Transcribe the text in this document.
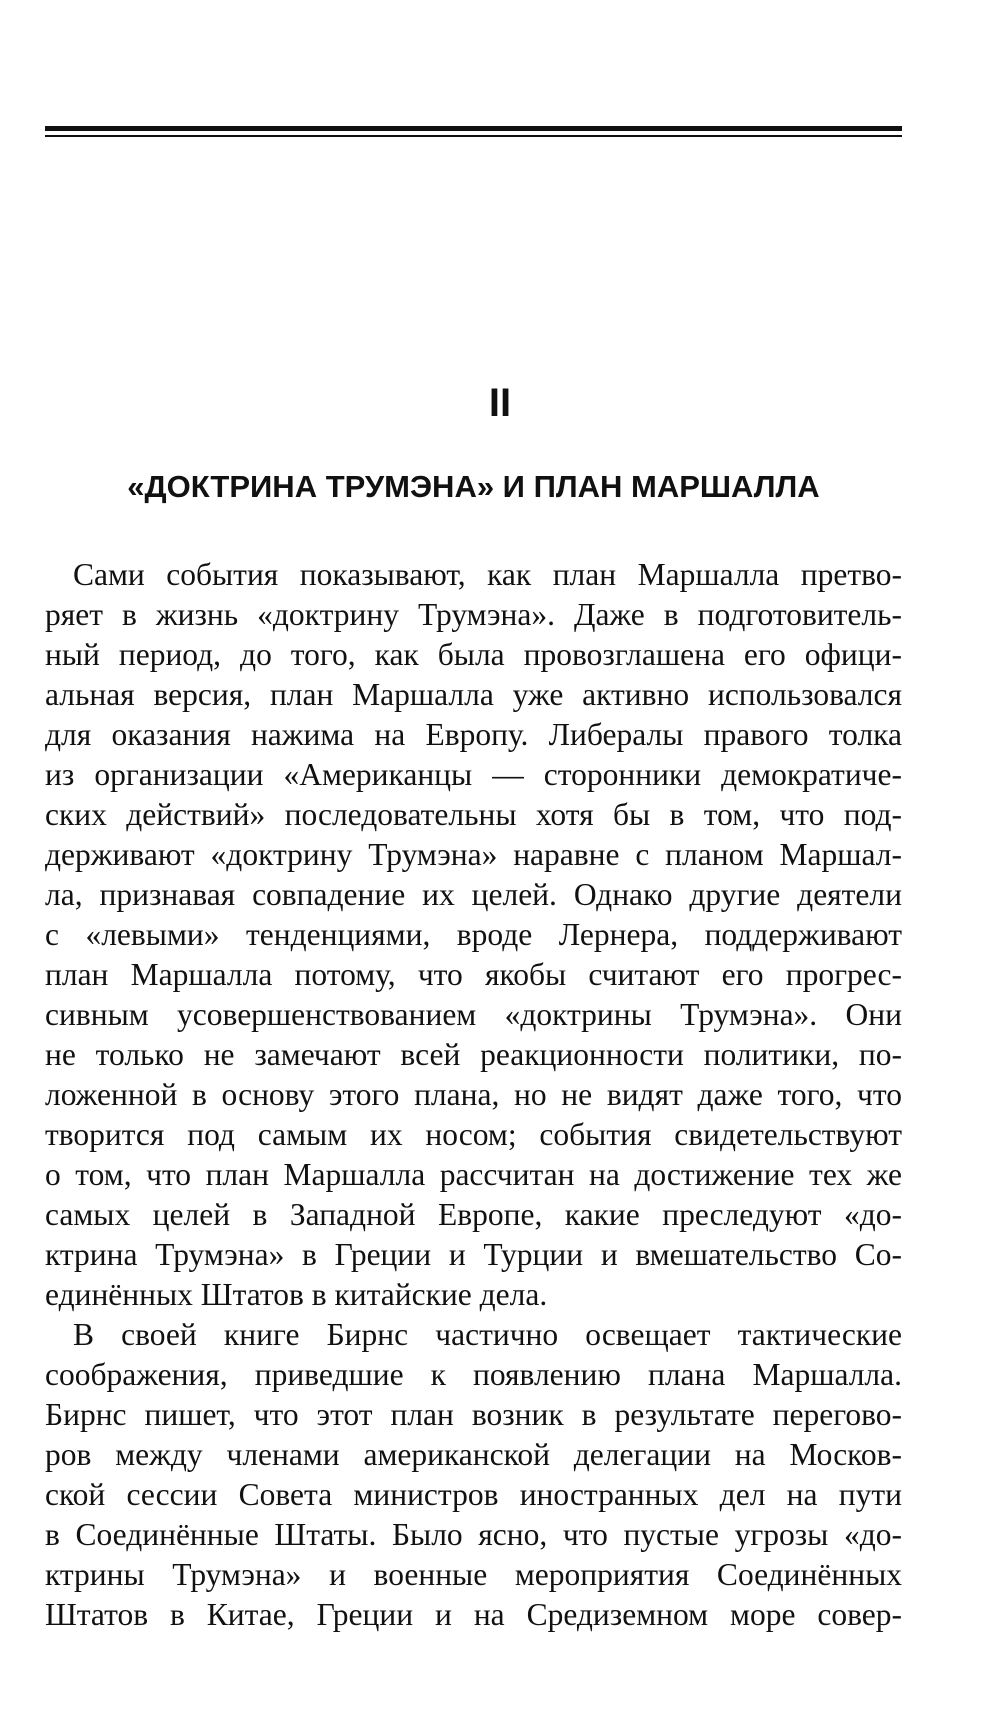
II
«ДОКТРИНА ТРУМЭНА» И ПЛАН МАРШАЛЛА
Сами события показывают, как план Маршалла претво-
ряет в жизнь «доктрину Трумэна». Даже в подготовитель-
ный период, до того, как была провозглашена его офици-
альная версия, план Маршалла уже активно использовался
для оказания нажима на Европу. Либералы правого толка
из организации «Американцы — сторонники демократиче-
ских действий» последовательны хотя бы в том, что под-
держивают «доктрину Трумэна» наравне с планом Маршал-
ла, признавая совпадение их целей. Однако другие деятели
с «левыми» тенденциями, вроде Лернера, поддерживают
план Маршалла потому, что якобы считают его прогрес-
сивным усовершенствованием «доктрины Трумэна». Они
не только не замечают всей реакционности политики, по-
ложенной в основу этого плана, но не видят даже того, что
творится под самым их носом; события свидетельствуют
о том, что план Маршалла рассчитан на достижение тех же
самых целей в Западной Европе, какие преследуют «до-
ктрина Трумэна» в Греции и Турции и вмешательство Со-
единённых Штатов в китайские дела.
В своей книге Бирнс частично освещает тактические
соображения, приведшие к появлению плана Маршалла.
Бирнс пишет, что этот план возник в результате перегово-
ров между членами американской делегации на Москов-
ской сессии Совета министров иностранных дел на пути
в Соединённые Штаты. Было ясно, что пустые угрозы «до-
ктрины Трумэна» и военные мероприятия Соединённых
Штатов в Китае, Греции и на Средиземном море совер-
